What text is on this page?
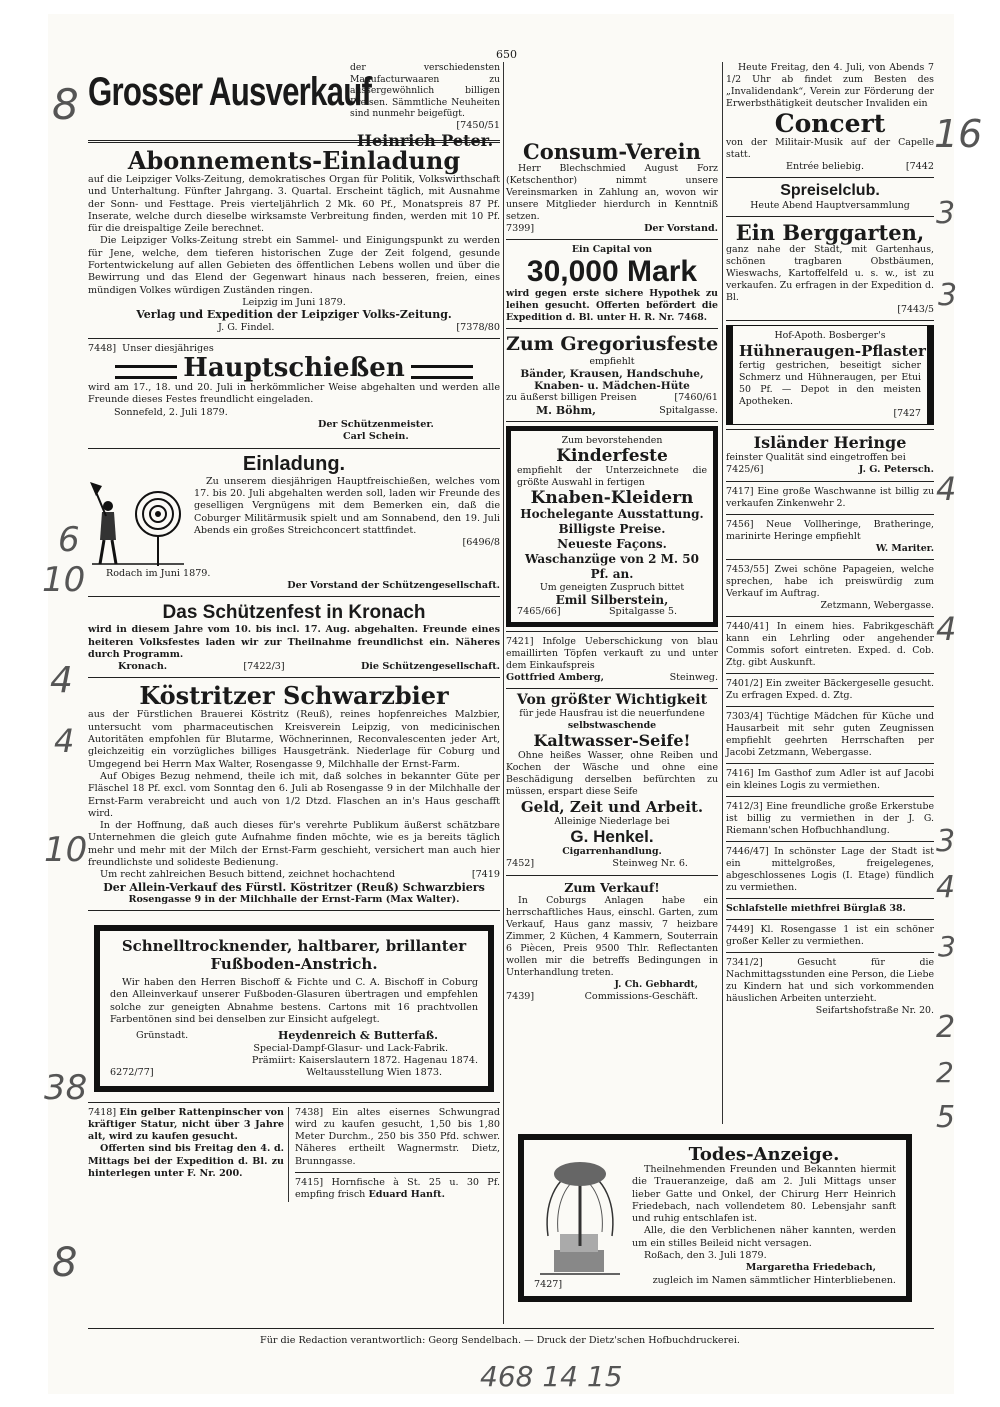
650
Grosser Ausverkauf

der verschiedensten Manufacturwaaren zu aussergewöhnlich billigen Preisen. Sämmtliche Neuheiten sind nunmehr beigefügt.

[7450/51

Heinrich Peter.
Abonnements-Einladung

auf die Leipziger Volks-Zeitung, demokratisches Organ für Politik, Volkswirthschaft und Unterhaltung. Fünfter Jahrgang. 3. Quartal. Erscheint täglich, mit Ausnahme der Sonn- und Festtage. Preis vierteljährlich 2 Mk. 60 Pf., Monatspreis 87 Pf. Inserate, welche durch dieselbe wirksamste Verbreitung finden, werden mit 10 Pf. für die dreispaltige Zeile berechnet.

Die Leipziger Volks-Zeitung strebt ein Sammel- und Einigungspunkt zu werden für Jene, welche, dem tieferen historischen Zuge der Zeit folgend, gesunde Fortentwickelung auf allen Gebieten des öffentlichen Lebens wollen und über die Bewirrung und das Elend der Gegenwart hinaus nach besseren, freien, eines mündigen Volkes würdigen Zuständen ringen.

Leipzig im Juni 1879.

Verlag und Expedition der Leipziger Volks-Zeitung.

J. G. Findel.	[7378/80
7448] Unser diesjähriges
Hauptschießen

wird am 17., 18. und 20. Juli in herkömmlicher Weise abgehalten und werden alle Freunde dieses Festes freundlicht eingeladen.

Sonnefeld, 2. Juli 1879.

Der Schützenmeister.

Carl Schein.

Einladung.

Zu unserem diesjährigen Hauptfreischießen, welches vom 17. bis 20. Juli abgehalten werden soll, laden wir Freunde des geselligen Vergnügens mit dem Bemerken ein, daß die Coburger Militärmusik spielt und am Sonnabend, den 19. Juli Abends ein großes Streichconcert stattfindet.

[6496/8

Rodach im Juni 1879.

Der Vorstand der Schützengesellschaft.

Das Schützenfest in Kronach

wird in diesem Jahre vom 10. bis incl. 17. Aug. abgehalten. Freunde eines heiteren Volksfestes laden wir zur Theilnahme freundlichst ein. Näheres durch Programm.

Kronach.	[7422/3]	Die Schützengesellschaft.
Köstritzer Schwarzbier

aus der Fürstlichen Brauerei Köstritz (Reuß), reines hopfenreiches Malzbier, untersucht vom pharmaceutischen Kreisverein Leipzig, von medicinischen Autoritäten empfohlen für Blutarme, Wöchnerinnen, Reconvalescenten jeder Art, gleichzeitig ein vorzügliches billiges Hausgetränk. Niederlage für Coburg und Umgegend bei Herrn Max Walter, Rosengasse 9, Milchhalle der Ernst-Farm.

Auf Obiges Bezug nehmend, theile ich mit, daß solches in bekannter Güte per Fläschel 18 Pf. excl. vom Sonntag den 6. Juli ab Rosengasse 9 in der Milchhalle der Ernst-Farm verabreicht und auch von 1/2 Dtzd. Flaschen an in's Haus geschafft wird.

In der Hoffnung, daß auch dieses für's verehrte Publikum äußerst schätzbare Unternehmen die gleich gute Aufnahme finden möchte, wie es ja bereits täglich mehr und mehr mit der Milch der Ernst-Farm geschieht, versichert man auch hier freundlichste und solideste Bedienung.

Um recht zahlreichen Besuch bittend, zeichnet hochachtend	[7419

Der Allein-Verkauf des Fürstl. Köstritzer (Reuß) Schwarzbiers

Rosengasse 9 in der Milchhalle der Ernst-Farm (Max Walter).

Schnelltrocknender, haltbarer, brillanter
Fußboden-Anstrich.

Wir haben den Herren Bischoff & Fichte und C. A. Bischoff in Coburg den Alleinverkauf unserer Fußboden-Glasuren übertragen und empfehlen solche zur geneigten Abnahme bestens. Cartons mit 16 prachtvollen Farbentönen sind bei denselben zur Einsicht aufgelegt.

Grünstadt.	Heydenreich & Butterfaß.

Special-Dampf-Glasur- und Lack-Fabrik.

Prämiirt: Kaiserslautern 1872. Hagenau 1874.

6272/77]	Weltausstellung Wien 1873.

7418] Ein gelber Rattenpinscher von kräftiger Statur, nicht über 3 Jahre alt, wird zu kaufen gesucht.

Offerten sind bis Freitag den 4. d. Mittags bei der Expedition d. Bl. zu hinterlegen unter F. Nr. 200.

7438] Ein altes eisernes Schwungrad wird zu kaufen gesucht, 1,50 bis 1,80 Meter Durchm., 250 bis 350 Pfd. schwer. Näheres ertheilt Wagnermstr. Dietz, Brunngasse.

7415] Hornfische à St. 25 u. 30 Pf. empfing frisch Eduard Hanft.

Consum-Verein

Herr Blechschmied August Forz (Ketschenthor) nimmt unsere Vereinsmarken in Zahlung an, wovon wir unsere Mitglieder hierdurch in Kenntniß setzen.

7399]	Der Vorstand.

Ein Capital von

30,000 Mark

wird gegen erste sichere Hypothek zu leihen gesucht. Offerten befördert die Expedition d. Bl. unter H. R. Nr. 7468.

Zum Gregoriusfeste

empfiehlt

Bänder, Krausen, Handschuhe, Knaben- u. Mädchen-Hüte

zu äußerst billigen Preisen	[7460/61
M. Böhm,	Spitalgasse.

Zum bevorstehenden

Kinderfeste

empfiehlt der Unterzeichnete die größte Auswahl in fertigen

Knaben-Kleidern

Hochelegante Ausstattung.

Billigste Preise.

Neueste Façons.

Waschanzüge von 2 M. 50 Pf. an.

Um geneigten Zuspruch bittet

Emil Silberstein,

7465/66]	Spitalgasse 5.

7421] Infolge Ueberschickung von blau emaillirten Töpfen verkauft zu und unter dem Einkaufspreis

Gottfried Amberg,	Steinweg.
Von größter Wichtigkeit

für jede Hausfrau ist die neuerfundene

selbstwaschende

Kaltwasser-Seife!

Ohne heißes Wasser, ohne Reiben und Kochen der Wäsche und ohne eine Beschädigung derselben befürchten zu müssen, erspart diese Seife

Geld, Zeit und Arbeit.

Alleinige Niederlage bei

G. Henkel.

Cigarrenhandlung.

7452]	Steinweg Nr. 6.
Zum Verkauf!

In Coburgs Anlagen habe ein herrschaftliches Haus, einschl. Garten, zum Verkauf, Haus ganz massiv, 7 heizbare Zimmer, 2 Küchen, 4 Kammern, Souterrain 6 Piècen, Preis 9500 Thlr. Reflectanten wollen mir die betreffs Bedingungen in Unterhandlung treten.

J. Ch. Gebhardt,

7439]	Commissions-Geschäft.

Heute Freitag, den 4. Juli, von Abends 7 1/2 Uhr ab findet zum Besten des „Invalidendank“, Verein zur Förderung der Erwerbsthätigkeit deutscher Invaliden ein

Concert

von der Militair-Musik auf der Capelle statt.

Entrée beliebig.	[7442
Spreiselclub.

Heute Abend Hauptversammlung

Ein Berggarten,

ganz nahe der Stadt, mit Gartenhaus, schönen tragbaren Obstbäumen, Wieswachs, Kartoffelfeld u. s. w., ist zu verkaufen. Zu erfragen in der Expedition d. Bl.

[7443/5

Hof-Apoth. Bosberger's

Hühneraugen-Pflaster

fertig gestrichen, beseitigt sicher Schmerz und Hühneraugen, per Etui 50 Pf. — Depot in den meisten Apotheken.

[7427

Isländer Heringe

feinster Qualität sind eingetroffen bei

7425/6]	J. G. Petersch.

7417] Eine große Waschwanne ist billig zu verkaufen Zinkenwehr 2.

7456] Neue Vollheringe, Bratheringe, marinirte Heringe empfiehlt

W. Mariter.

7453/55] Zwei schöne Papageien, welche sprechen, habe ich preiswürdig zum Verkauf im Auftrag.

Zetzmann, Webergasse.

7440/41] In einem hies. Fabrikgeschäft kann ein Lehrling oder angehender Commis sofort eintreten. Exped. d. Cob. Ztg. gibt Auskunft.

7401/2] Ein zweiter Bäckergeselle gesucht. Zu erfragen Exped. d. Ztg.

7303/4] Tüchtige Mädchen für Küche und Hausarbeit mit sehr guten Zeugnissen empfiehlt geehrten Herrschaften per Jacobi Zetzmann, Webergasse.

7416] Im Gasthof zum Adler ist auf Jacobi ein kleines Logis zu vermiethen.

7412/3] Eine freundliche große Erkerstube ist billig zu vermiethen in der J. G. Riemann'schen Hofbuchhandlung.

7446/47] In schönster Lage der Stadt ist ein mittelgroßes, freigelegenes, abgeschlossenes Logis (I. Etage) fündlich zu vermiethen.

Schlafstelle miethfrei Bürglaß 38.

7449] Kl. Rosengasse 1 ist ein schöner großer Keller zu vermiethen.

7341/2]	Gesucht für die Nachmittagsstunden eine Person, die Liebe zu Kindern hat und sich vorkommenden häuslichen Arbeiten unterzieht.

Seifartshofstraße Nr. 20.

Todes-Anzeige.

Theilnehmenden Freunden und Bekannten hiermit die Traueranzeige, daß am 2. Juli Mittags unser lieber Gatte und Onkel, der Chirurg Herr Heinrich Friedebach, nach vollendetem 80. Lebensjahr sanft und ruhig entschlafen ist.

Alle, die den Verblichenen näher kannten, werden um ein stilles Beileid nicht versagen.

Roßach, den 3. Juli 1879.

Margaretha Friedebach,

zugleich im Namen sämmtlicher Hinterbliebenen.

7427]
Für die Redaction verantwortlich: Georg Sendelbach. — Druck der Dietz'schen Hofbuchdruckerei.
8
6
10
4
4
10
8
38
16
3
3
4
4
3
4
2
3
2
5
468 14 15
